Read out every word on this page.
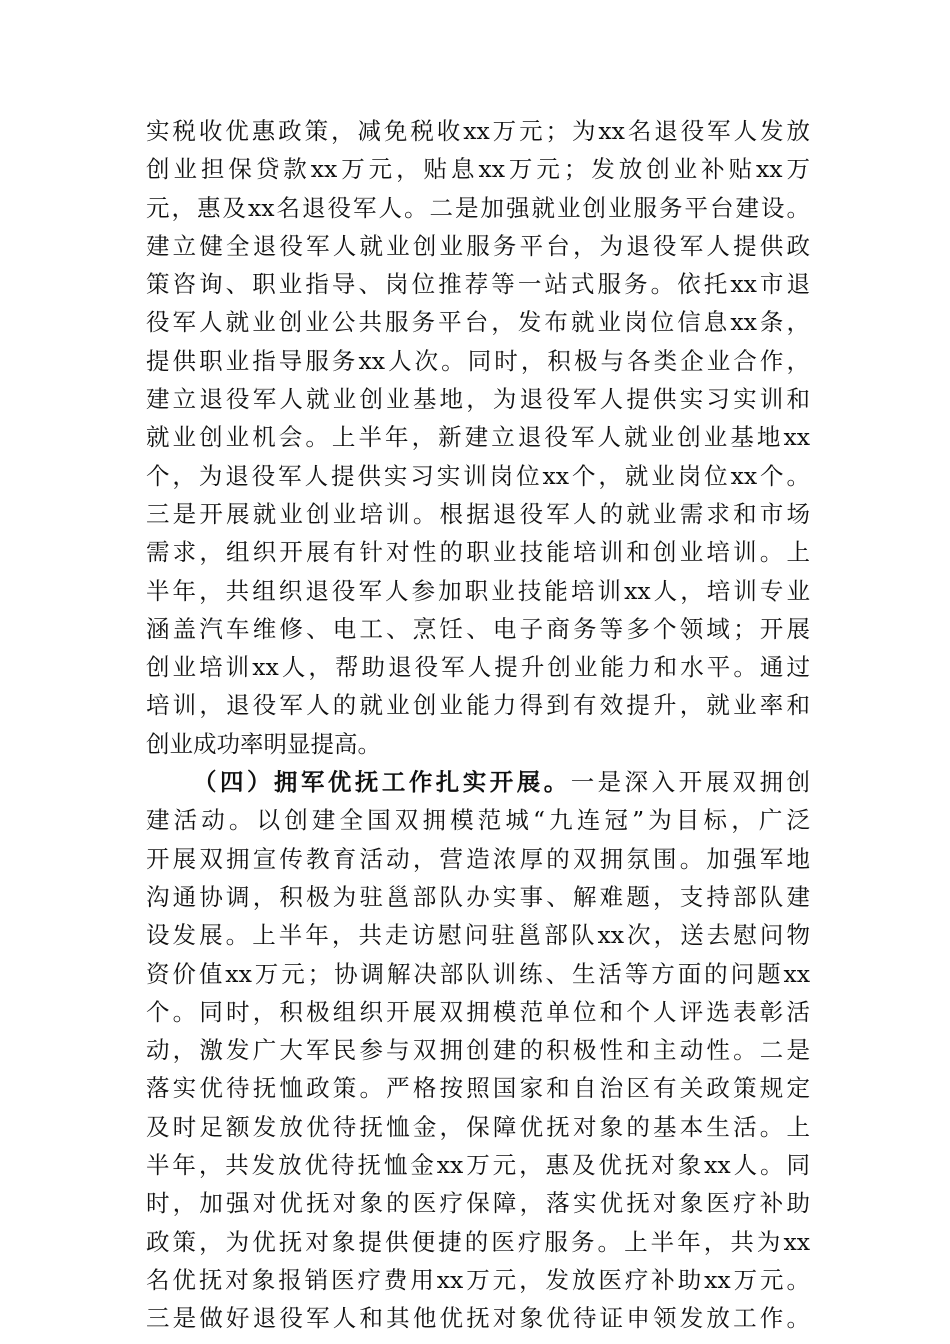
实税收优惠政策，减免税收xx万元；为xx名退役军人发放
创业担保贷款xx万元，贴息xx万元；发放创业补贴xx万
元，惠及xx名退役军人。二是加强就业创业服务平台建设。
建立健全退役军人就业创业服务平台，为退役军人提供政
策咨询、职业指导、岗位推荐等一站式服务。依托xx市退
役军人就业创业公共服务平台，发布就业岗位信息xx条，
提供职业指导服务xx人次。同时，积极与各类企业合作，
建立退役军人就业创业基地，为退役军人提供实习实训和
就业创业机会。上半年，新建立退役军人就业创业基地xx
个，为退役军人提供实习实训岗位xx个，就业岗位xx个。
三是开展就业创业培训。根据退役军人的就业需求和市场
需求，组织开展有针对性的职业技能培训和创业培训。上
半年，共组织退役军人参加职业技能培训xx人，培训专业
涵盖汽车维修、电工、烹饪、电子商务等多个领域；开展
创业培训xx人，帮助退役军人提升创业能力和水平。通过
培训，退役军人的就业创业能力得到有效提升，就业率和
创业成功率明显提高。
（四）拥军优抚工作扎实开展。一是深入开展双拥创
建活动。以创建全国双拥模范城“九连冠”为目标，广泛
开展双拥宣传教育活动，营造浓厚的双拥氛围。加强军地
沟通协调，积极为驻邕部队办实事、解难题，支持部队建
设发展。上半年，共走访慰问驻邕部队xx次，送去慰问物
资价值xx万元；协调解决部队训练、生活等方面的问题xx
个。同时，积极组织开展双拥模范单位和个人评选表彰活
动，激发广大军民参与双拥创建的积极性和主动性。二是
落实优待抚恤政策。严格按照国家和自治区有关政策规定
及时足额发放优待抚恤金，保障优抚对象的基本生活。上
半年，共发放优待抚恤金xx万元，惠及优抚对象xx人。同
时，加强对优抚对象的医疗保障，落实优抚对象医疗补助
政策，为优抚对象提供便捷的医疗服务。上半年，共为xx
名优抚对象报销医疗费用xx万元，发放医疗补助xx万元。
三是做好退役军人和其他优抚对象优待证申领发放工作。
